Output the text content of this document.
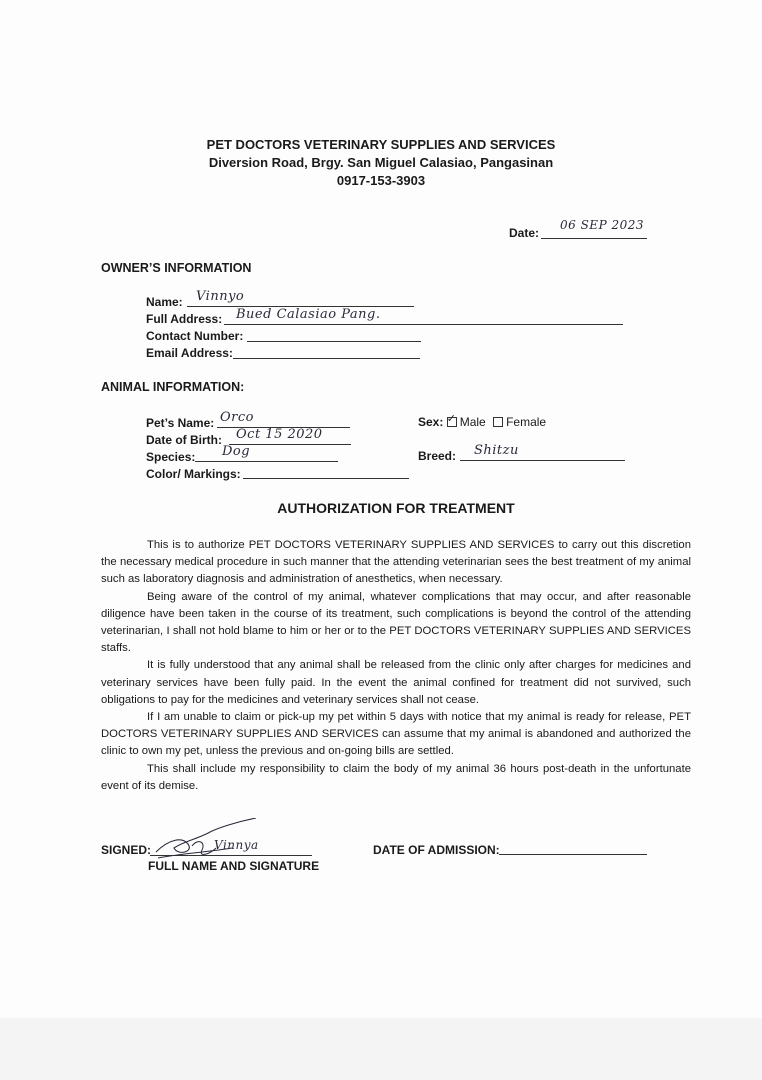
PET DOCTORS VETERINARY SUPPLIES AND SERVICES
Diversion Road, Brgy. San Miguel Calasiao, Pangasinan
0917-153-3903
Date:
06 SEP 2023
OWNER’S INFORMATION
Name: Vinnyo
Full Address: Bued Calasiao Pang.
Contact Number:
Email Address:
ANIMAL INFORMATION:
Pet’s Name: Orco
Date of Birth: Oct 15 2020
Species: Dog
Color/ Markings:
Sex: ✓ Male Female
Breed: Shitzu
AUTHORIZATION FOR TREATMENT

This is to authorize PET DOCTORS VETERINARY SUPPLIES AND SERVICES to carry out this discretion the necessary medical procedure in such manner that the attending veterinarian sees the best treatment of my animal such as laboratory diagnosis and administration of anesthetics, when necessary.

Being aware of the control of my animal, whatever complications that may occur, and after reasonable diligence have been taken in the course of its treatment, such complications is beyond the control of the attending veterinarian, I shall not hold blame to him or her or to the PET DOCTORS VETERINARY SUPPLIES AND SERVICES staffs.

It is fully understood that any animal shall be released from the clinic only after charges for medicines and veterinary services have been fully paid. In the event the animal confined for treatment did not survived, such obligations to pay for the medicines and veterinary services shall not cease.

If I am unable to claim or pick-up my pet within 5 days with notice that my animal is ready for release, PET DOCTORS VETERINARY SUPPLIES AND SERVICES can assume that my animal is abandoned and authorized the clinic to own my pet, unless the previous and on-going bills are settled.

This shall include my responsibility to claim the body of my animal 36 hours post-death in the unfortunate event of its demise.

SIGNED:	Vinnya
FULL NAME AND SIGNATURE
DATE OF ADMISSION:
